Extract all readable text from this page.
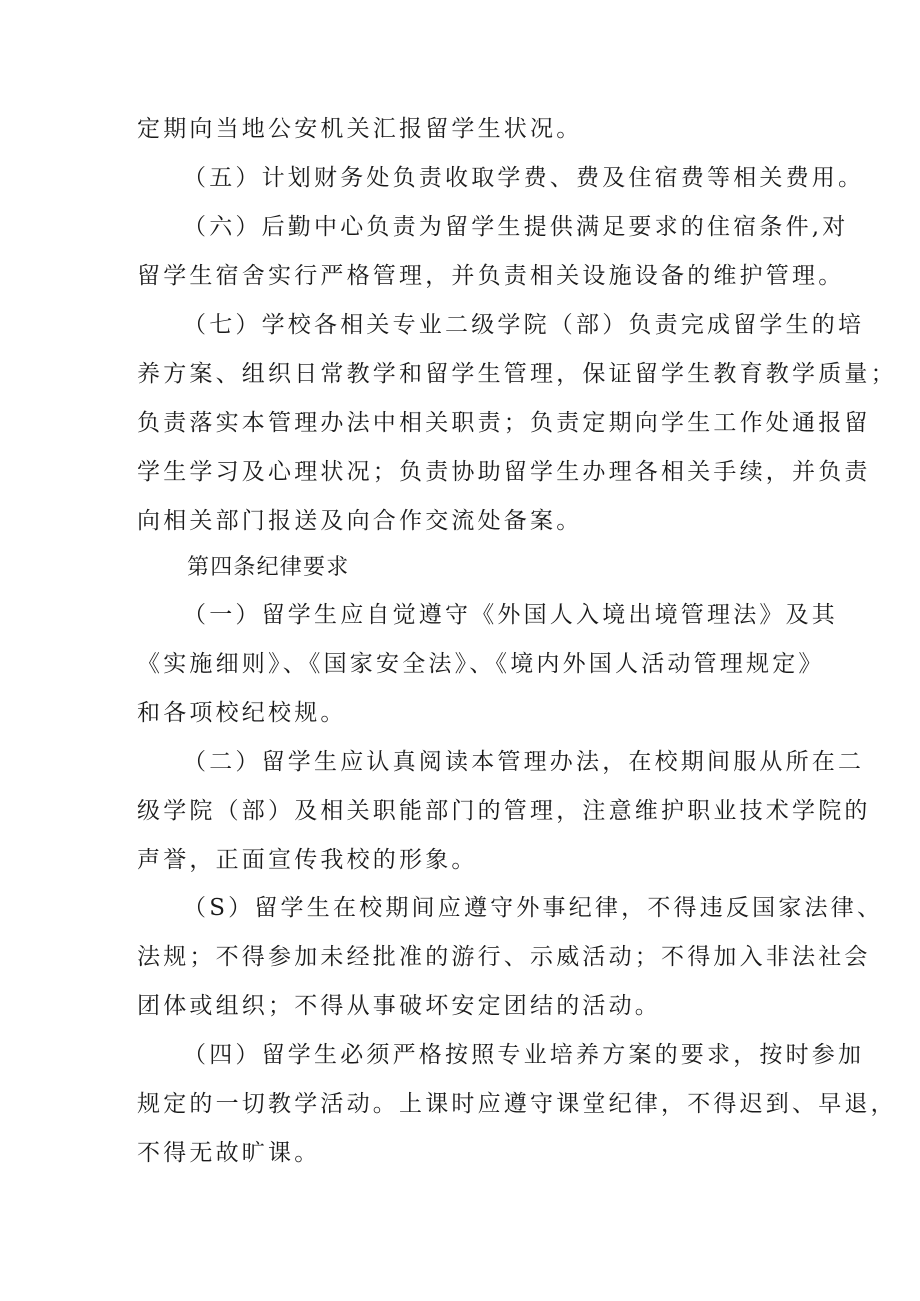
定期向当地公安机关汇报留学生状况。
（五）计划财务处负责收取学费、费及住宿费等相关费用。
（六）后勤中心负责为留学生提供满足要求的住宿条件,对
留学生宿舍实行严格管理，并负责相关设施设备的维护管理。
（七）学校各相关专业二级学院（部）负责完成留学生的培
养方案、组织日常教学和留学生管理，保证留学生教育教学质量；
负责落实本管理办法中相关职责；负责定期向学生工作处通报留
学生学习及心理状况；负责协助留学生办理各相关手续，并负责
向相关部门报送及向合作交流处备案。
第四条纪律要求
（一）留学生应自觉遵守《外国人入境出境管理法》及其
《实施细则》、《国家安全法》、《境内外国人活动管理规定》
和各项校纪校规。
（二）留学生应认真阅读本管理办法，在校期间服从所在二
级学院（部）及相关职能部门的管理，注意维护职业技术学院的
声誉，正面宣传我校的形象。
（S）留学生在校期间应遵守外事纪律，不得违反国家法律、
法规；不得参加未经批准的游行、示威活动；不得加入非法社会
团体或组织；不得从事破坏安定团结的活动。
（四）留学生必须严格按照专业培养方案的要求，按时参加
规定的一切教学活动。上课时应遵守课堂纪律，不得迟到、早退，
不得无故旷课。
